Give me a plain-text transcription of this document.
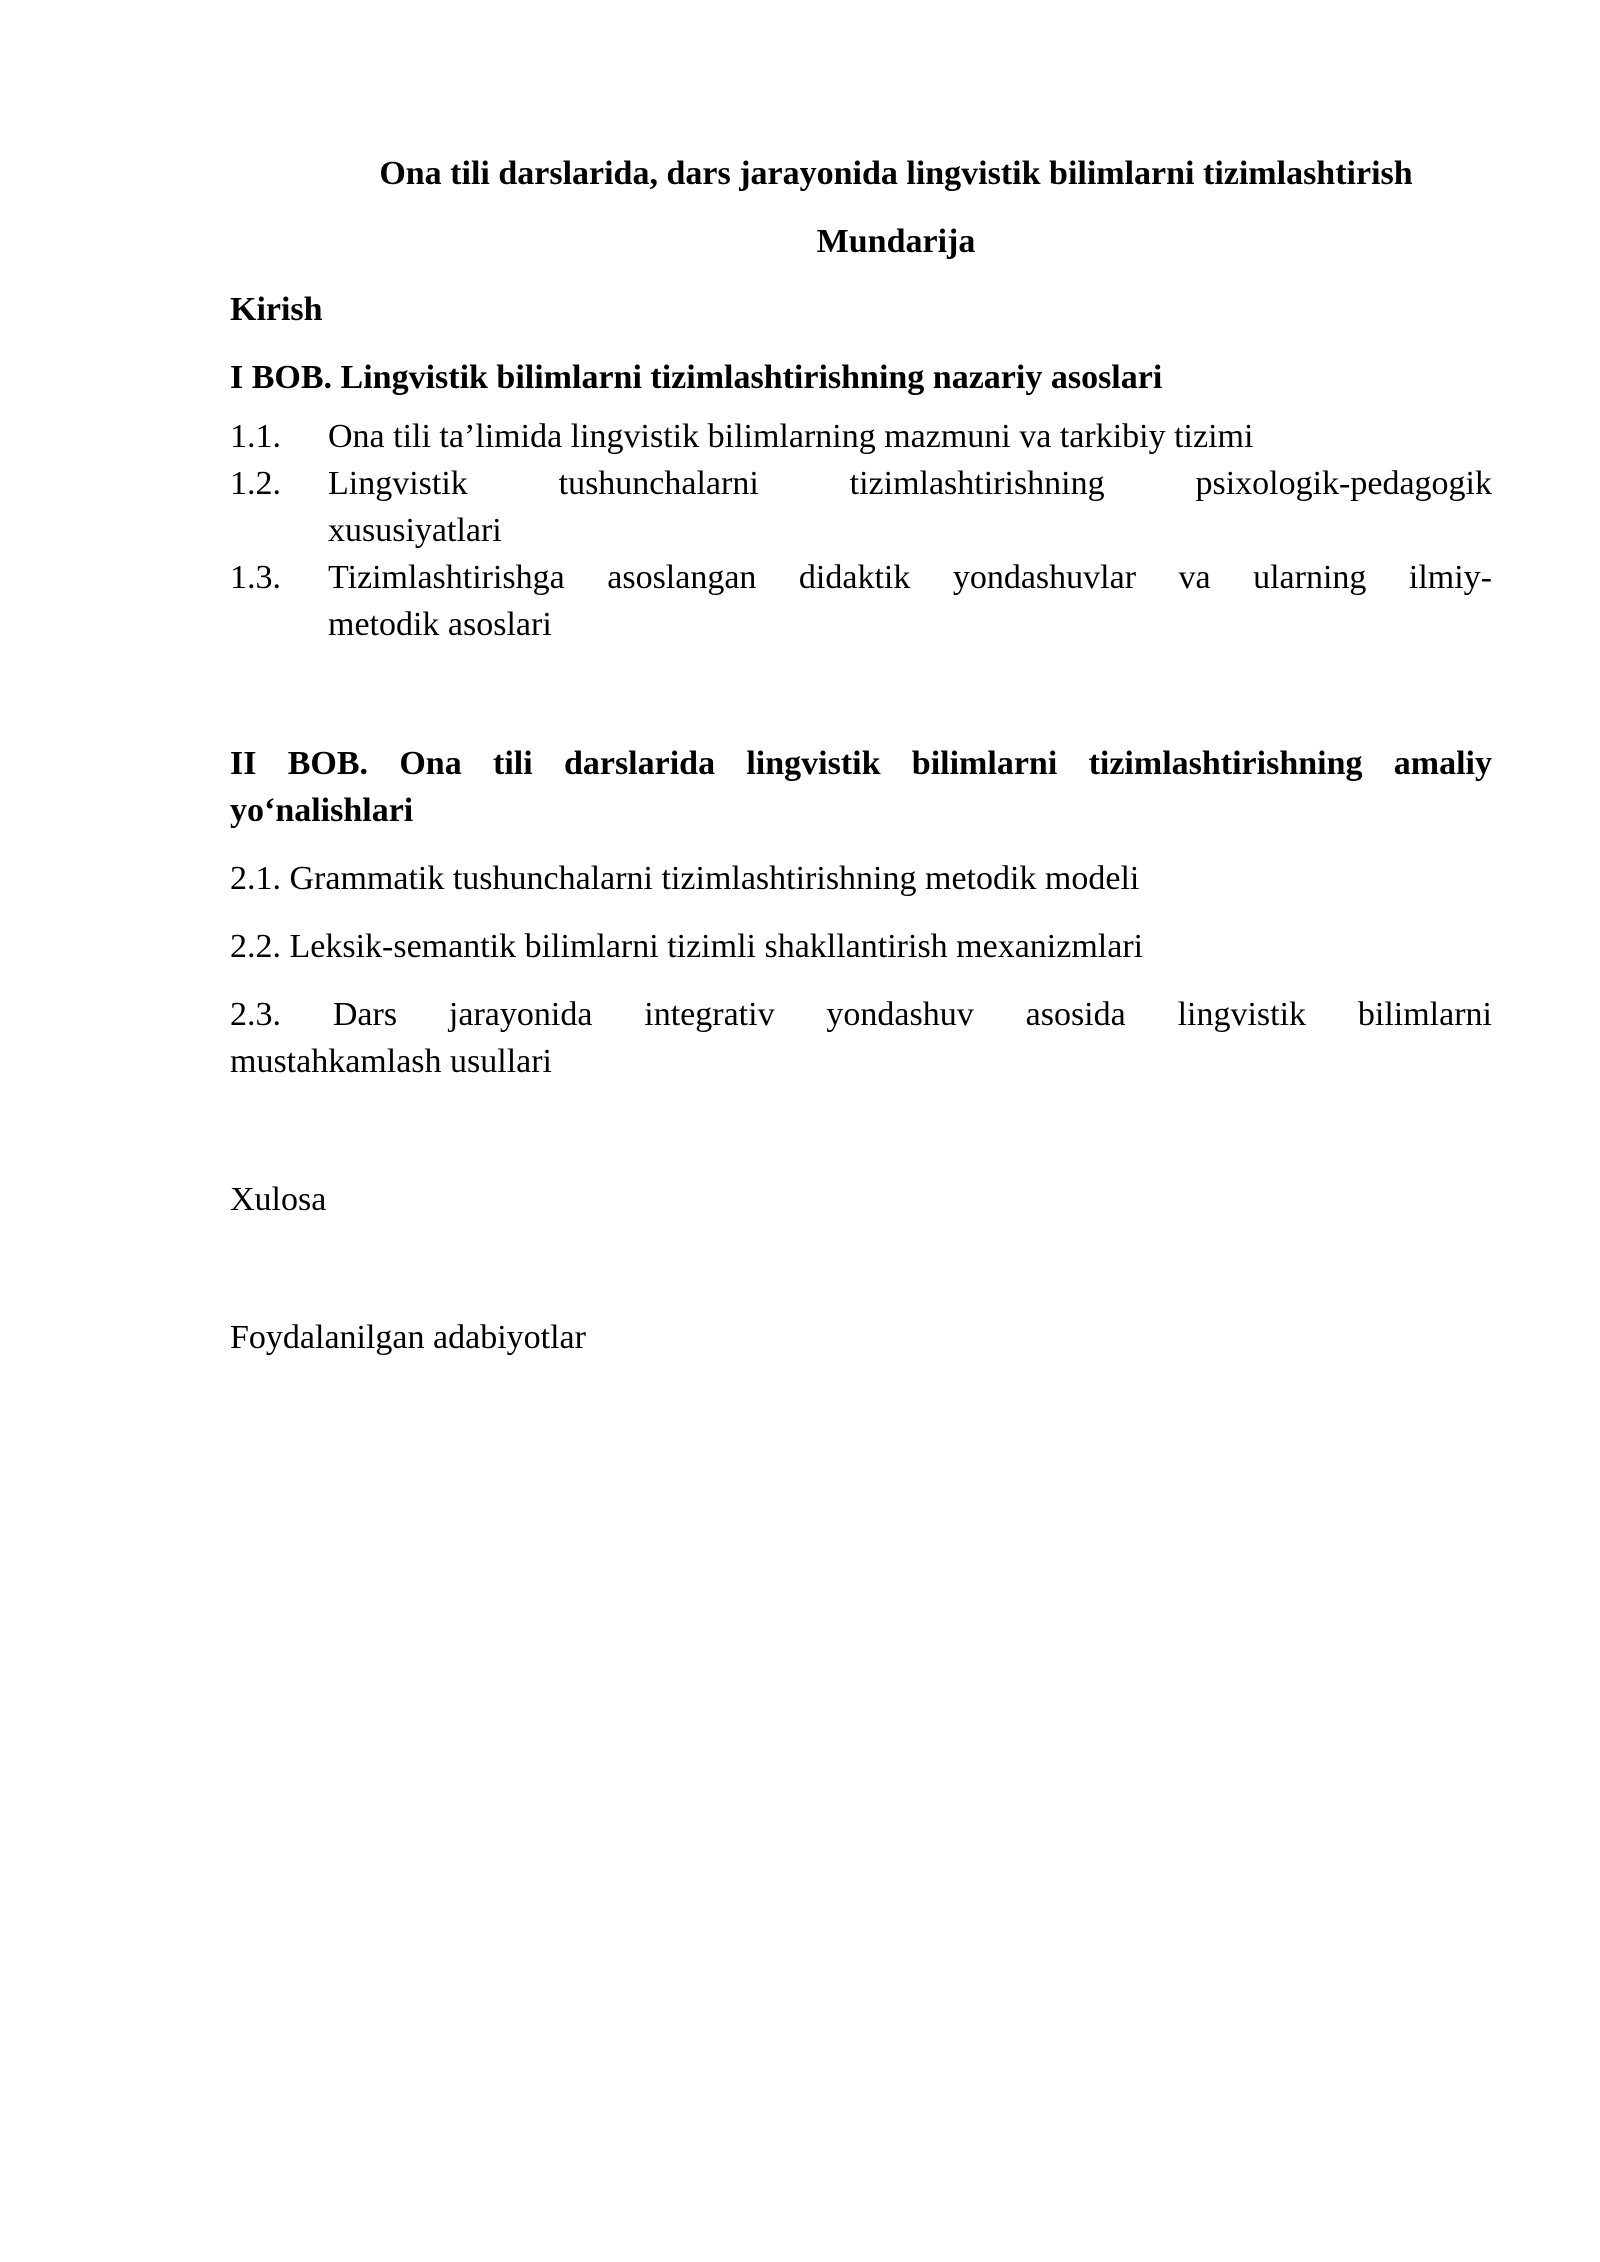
Ona tili darslarida, dars jarayonida lingvistik bilimlarni tizimlashtirish
Mundarija
Kirish
I BOB. Lingvistik bilimlarni tizimlashtirishning nazariy asoslari
1.1.	Ona tili ta’limida lingvistik bilimlarning mazmuni va tarkibiy tizimi
1.2.	Lingvistik tushunchalarni tizimlashtirishning psixologik-pedagogik
xususiyatlari
1.3.	Tizimlashtirishga asoslangan didaktik yondashuvlar va ularning ilmiy-
metodik asoslari
II BOB. Ona tili darslarida lingvistik bilimlarni tizimlashtirishning amaliy
yo‘nalishlari
2.1. Grammatik tushunchalarni tizimlashtirishning metodik modeli
2.2. Leksik-semantik bilimlarni tizimli shakllantirish mexanizmlari
2.3. Dars jarayonida integrativ yondashuv asosida lingvistik bilimlarni
mustahkamlash usullari
Xulosa
Foydalanilgan adabiyotlar
